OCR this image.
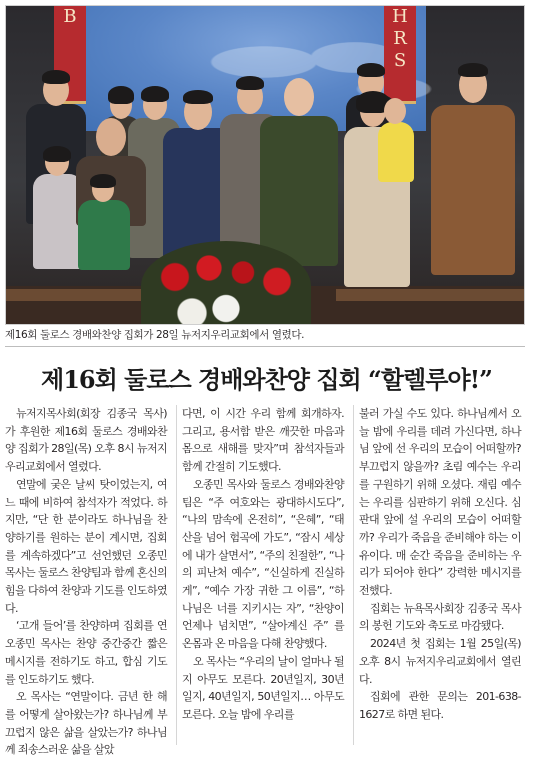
B	H
R
S
제16회 둘로스 경배와찬양 집회가 28일 뉴저지우리교회에서 열렸다.
제16회 둘로스 경배와찬양 집회 “할렐루야!”

뉴저지목사회(회장 김종국 목사)가 후원한 제16회 둘로스 경배와찬양 집회가 28일(목) 오후 8시 뉴저지우리교회에서 열렸다.

연말에 궂은 날씨 탓이었는지, 여느 때에 비하여 참석자가 적었다. 하지만, “단 한 분이라도 하나님을 찬양하기를 원하는 분이 계시면, 집회를 계속하겠다”고 선언했던 오종민 목사는 둘로스 찬양팀과 함께 혼신의 힘을 다하여 찬양과 기도를 인도하였다.

‘고개 들어’를 찬양하며 집회를 연 오종민 목사는 찬양 중간중간 짧은 메시지를 전하기도 하고, 합심 기도를 인도하기도 했다.

오 목사는 “연말이다. 금년 한 해를 어떻게 살아왔는가? 하나님께 부끄럽지 않은 삶을 살았는가? 하나님께 죄송스러운 삶을 살았

다면, 이 시간 우리 함께 회개하자. 그리고, 용서함 받은 깨끗한 마음과 몸으로 새해를 맞자”며 참석자들과 함께 간절히 기도했다.

오종민 목사와 둘로스 경배와찬양팀은 “주 여호와는 광대하시도다”, “나의 맘속에 온전히”, “은혜”, “태산을 넘어 험곡에 가도”, “잠시 세상에 내가 살면서”, “주의 친절한”, “나의 피난처 예수”, “신실하게 진실하게”, “예수 가장 귀한 그 이름”, “하나님은 너를 지키시는 자”, “찬양이 언제나 넘치면”, “살아계신 주” 를 온몸과 온 마음을 다해 찬양했다.

오 목사는 “우리의 날이 얼마나 될지 아무도 모른다. 20년일지, 30년일지, 40년일지, 50년일지… 아무도 모른다. 오늘 밤에 우리를

불러 가실 수도 있다. 하나님께서 오늘 밤에 우리를 데려 가신다면, 하나님 앞에 선 우리의 모습이 어떠할까? 부끄럽지 않을까? 초림 예수는 우리를 구원하기 위해 오셨다. 재림 예수는 우리를 심판하기 위해 오신다. 심판대 앞에 설 우리의 모습이 어떠할까? 우리가 죽음을 준비해야 하는 이유이다. 매 순간 죽음을 준비하는 우리가 되어야 한다” 강력한 메시지를 전했다.

집회는 뉴욕목사회장 김종국 목사의 봉헌 기도와 축도로 마감됐다.

2024년 첫 집회는 1월 25일(목) 오후 8시 뉴저지우리교회에서 열린다.

집회에 관한 문의는 201-638-1627로 하면 된다.
